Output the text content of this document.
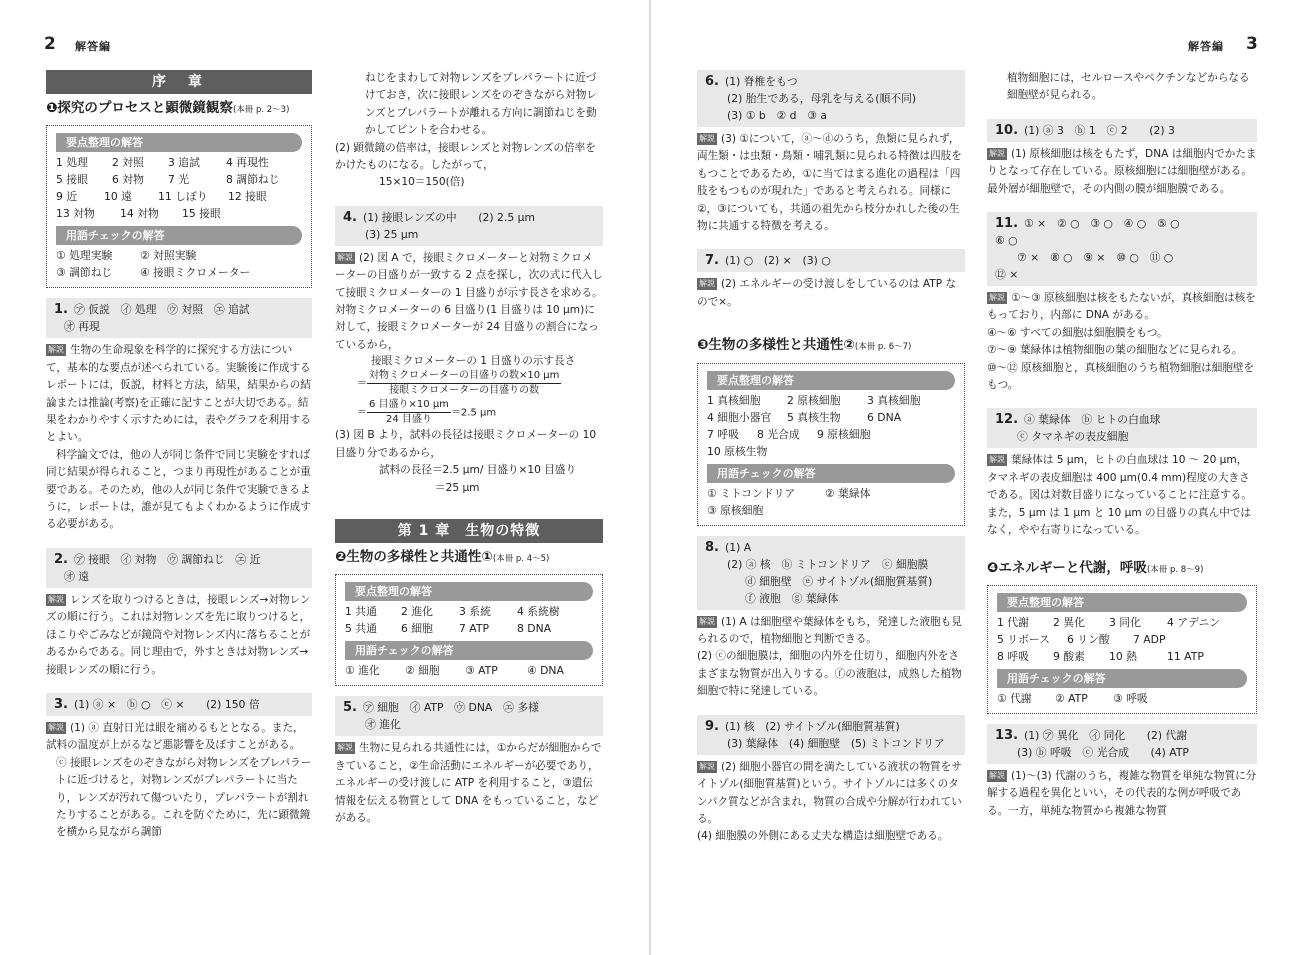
2 解答編	解答編 3
序　章
❶探究のプロセスと顕微鏡観察(本冊 p. 2〜3)
要点整理の解答
1 処理 2 対照 3 追試 4 再現性
5 接眼 6 対物 7 光	8 調節ねじ
9 近 10 遠 11 しぼり 12 接眼
13 対物 14 対物 15 接眼
用語チェックの解答
① 処理実験	② 対照実験
③ 調節ねじ	④ 接眼ミクロメーター
1. ㋐ 仮説　㋑ 処理　㋒ 対照　㋓ 追試
㋔ 再現
解説 生物の生命現象を科学的に探究する方法について，基本的な要点が述べられている。実験後に作成するレポートには，仮説，材料と方法，結果，結果からの結論または推論(考察)を正確に記すことが大切である。結果をわかりやすく示すためには，表やグラフを利用するとよい。
科学論文では，他の人が同じ条件で同じ実験をすれば同じ結果が得られること，つまり再現性があることが重要である。そのため，他の人が同じ条件で実験できるように，レポートは，誰が見てもよくわかるように作成する必要がある。
2. ㋐ 接眼　㋑ 対物　㋒ 調節ねじ　㋓ 近
㋔ 遠
解説 レンズを取りつけるときは，接眼レンズ→対物レンズの順に行う。これは対物レンズを先に取りつけると，ほこりやごみなどが鏡筒や対物レンズ内に落ちることがあるからである。同じ理由で，外すときは対物レンズ→接眼レンズの順に行う。
3. (1) ⓐ ×　ⓑ ○　ⓒ ×　　(2) 150 倍
解説 (1) ⓐ 直射日光は眼を痛めるもととなる。また，試料の温度が上がるなど悪影響を及ぼすことがある。
ⓒ 接眼レンズをのぞきながら対物レンズをプレパラートに近づけると，対物レンズがプレパラートに当たり，レンズが汚れて傷ついたり，プレパラートが割れたりすることがある。これを防ぐために，先に顕微鏡を横から見ながら調節
ねじをまわして対物レンズをプレパラートに近づけておき，次に接眼レンズをのぞきながら対物レンズとプレパラートが離れる方向に調節ねじを動かしてピントを合わせる。
(2) 顕微鏡の倍率は，接眼レンズと対物レンズの倍率をかけたものになる。したがって，
15×10＝150(倍)
4. (1) 接眼レンズの中　　(2) 2.5 µm
(3) 25 µm
解説 (2) 図 A で，接眼ミクロメーターと対物ミクロメーターの目盛りが一致する 2 点を探し，次の式に代入して接眼ミクロメーターの 1 目盛りが示す長さを求める。対物ミクロメーターの 6 目盛り(1 目盛りは 10 µm)に対して，接眼ミクロメーターが 24 目盛りの割合になっているから，
接眼ミクロメーターの 1 目盛りの示す長さ
＝ $\frac{\text{対物ミクロメーターの目盛りの数×10 µm}}{\text{接眼ミクロメーターの目盛りの数}}$
＝ $\frac{\text{6 目盛り×10 µm}}{\text{24 目盛り}} =2.5$ µm
(3) 図 B より，試料の長径は接眼ミクロメーターの 10 目盛り分であるから，
試料の長径＝2.5 µm/ 目盛り×10 目盛り
＝25 µm
第 1 章　生物の特徴
❷生物の多様性と共通性①(本冊 p. 4〜5)
要点整理の解答
1 共通 2 進化 3 系統 4 系統樹
5 共通 6 細胞 7 ATP	8 DNA
用語チェックの解答
① 進化 ② 細胞 ③ ATP	④ DNA
5. ㋐ 細胞　㋑ ATP　㋒ DNA　㋓ 多様
㋔ 進化
解説 生物に見られる共通性には，①からだが細胞からできていること，②生命活動にエネルギーが必要であり，エネルギーの受け渡しに ATP を利用すること，③遺伝情報を伝える物質として DNA をもっていること，などがある。
6. (1) 脊椎をもつ
(2) 胎生である，母乳を与える(順不同)
(3) ① b　② d　③ a
解説 (3) ①について，ⓐ〜ⓓのうち，魚類に見られず，両生類・は虫類・鳥類・哺乳類に見られる特徴は四肢をもつことであるため，①に当てはまる進化の過程は「四肢をもつものが現れた」であると考えられる。同様に②，③についても，共通の祖先から枝分かれした後の生物に共通する特徴を考える。
7. (1) ○　(2) ×　(3) ○
解説 (2) エネルギーの受け渡しをしているのは ATP なので×。
❸生物の多様性と共通性②(本冊 p. 6〜7)
要点整理の解答
1 真核細胞 2 原核細胞 3 真核細胞
4 細胞小器官 5 真核生物 6 DNA
7 呼吸 8 光合成 9 原核細胞
10 原核生物
用語チェックの解答
① ミトコンドリア	② 葉緑体
③ 原核細胞
8. (1) A
(2) ⓐ 核　ⓑ ミトコンドリア　ⓒ 細胞膜
ⓓ 細胞壁　ⓔ サイトゾル(細胞質基質)
ⓕ 液胞　ⓖ 葉緑体
解説 (1) A は細胞壁や葉緑体をもち，発達した液胞も見られるので，植物細胞と判断できる。
(2) ⓒの細胞膜は，細胞の内外を仕切り，細胞内外をさまざまな物質が出入りする。ⓕの液胞は，成熟した植物細胞で特に発達している。
9. (1) 核　(2) サイトゾル(細胞質基質)
(3) 葉緑体　(4) 細胞壁　(5) ミトコンドリア
解説 (2) 細胞小器官の間を満たしている液状の物質をサイトゾル(細胞質基質)という。サイトゾルには多くのタンパク質などが含まれ，物質の合成や分解が行われている。
(4) 細胞膜の外側にある丈夫な構造は細胞壁である。
植物細胞には，セルロースやペクチンなどからなる細胞壁が見られる。
10. (1) ⓐ 3　ⓑ 1　ⓒ 2　　(2) 3
解説 (1) 原核細胞は核をもたず，DNA は細胞内でかたまりとなって存在している。原核細胞には細胞壁がある。最外層が細胞壁で，その内側の膜が細胞膜である。
11. ① ×　② ○　③ ○　④ ○　⑤ ○
⑥ ○
⑦ ×　⑧ ○　⑨ ×　⑩ ○　⑪ ○
⑫ ×
解説 ①〜③ 原核細胞は核をもたないが，真核細胞は核をもっており，内部に DNA がある。
④〜⑥ すべての細胞は細胞膜をもつ。
⑦〜⑨ 葉緑体は植物細胞の葉の細胞などに見られる。
⑩〜⑫ 原核細胞と，真核細胞のうち植物細胞は細胞壁をもつ。
12. ⓐ 葉緑体　ⓑ ヒトの白血球
ⓒ タマネギの表皮細胞
解説 葉緑体は 5 µm，ヒトの白血球は 10 〜 20 µm，タマネギの表皮細胞は 400 µm(0.4 mm)程度の大きさである。図は対数目盛りになっていることに注意する。また，5 µm は 1 µm と 10 µm の目盛りの真ん中ではなく，やや右寄りになっている。
❹エネルギーと代謝，呼吸(本冊 p. 8〜9)
要点整理の解答
1 代謝 2 異化 3 同化 4 アデニン
5 リボース 6 リン酸 7 ADP
8 呼吸 9 酸素 10 熱	11 ATP
用語チェックの解答
① 代謝 ② ATP ③ 呼吸
13. (1) ㋐ 異化　㋑ 同化　　(2) 代謝
(3) ⓑ 呼吸　ⓒ 光合成　　(4) ATP
解説 (1)〜(3) 代謝のうち，複雑な物質を単純な物質に分解する過程を異化といい，その代表的な例が呼吸である。一方，単純な物質から複雑な物質
